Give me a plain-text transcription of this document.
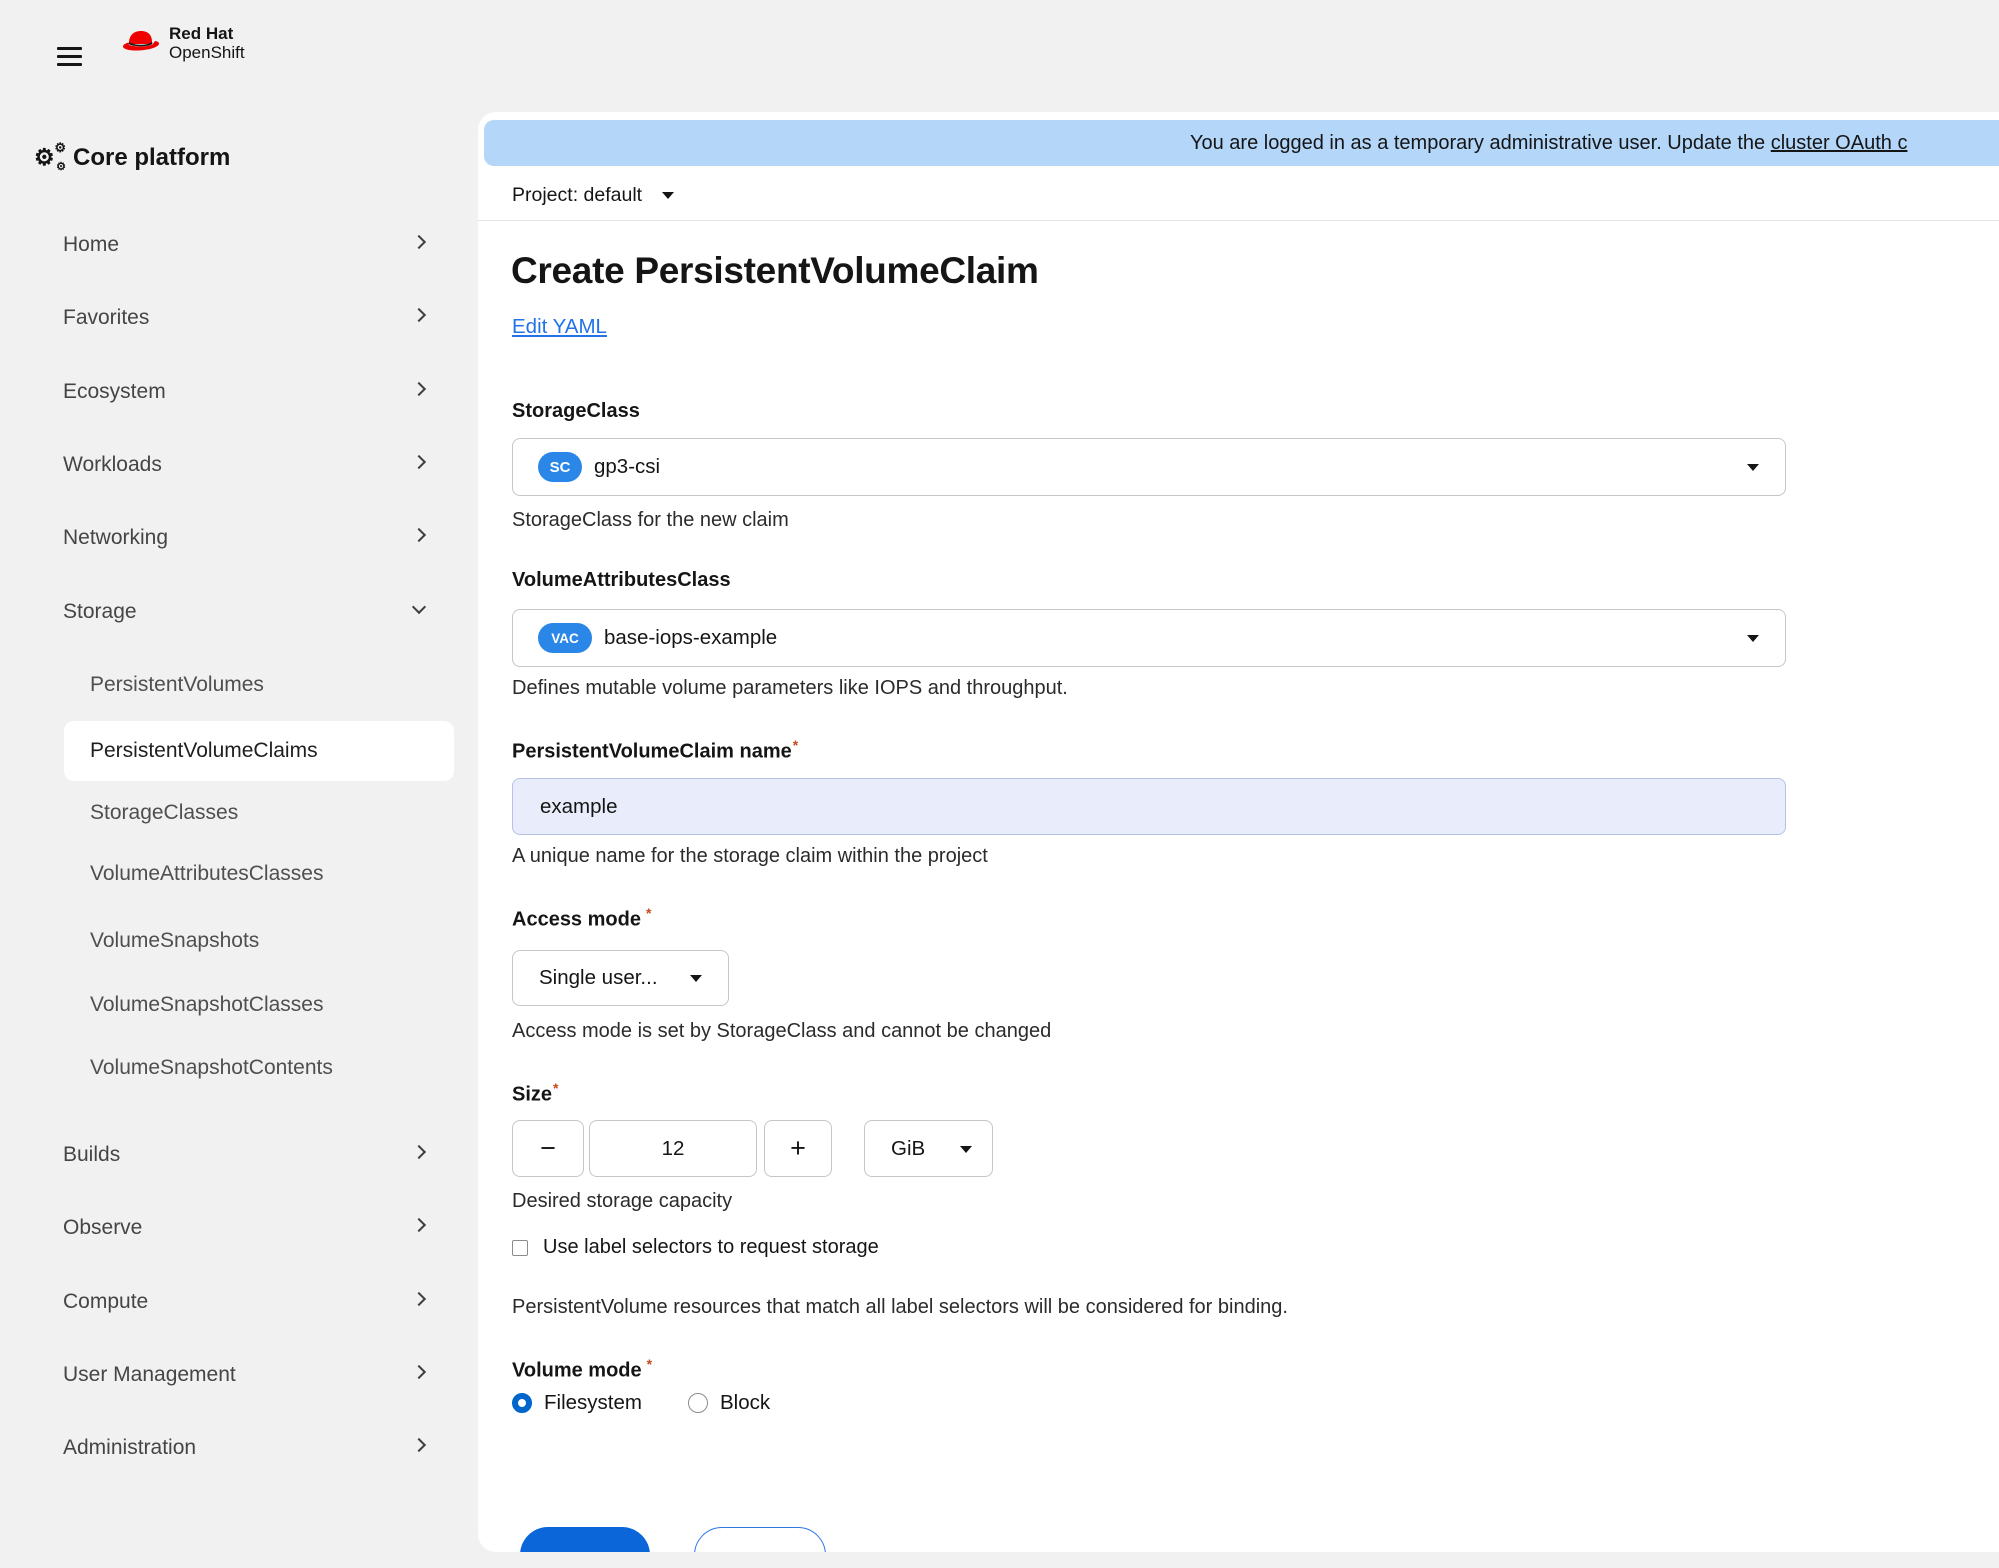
Red Hat
OpenShift
⚙ ⚙
⚙ Core platform
Home
Favorites
Ecosystem
Workloads
Networking
Storage
PersistentVolumes
PersistentVolumeClaims
StorageClasses
VolumeAttributesClasses
VolumeSnapshots
VolumeSnapshotClasses
VolumeSnapshotContents
Builds
Observe
Compute
User Management
Administration
You are logged in as a temporary administrative user. Update the cluster OAuth c
Project: default
Create PersistentVolumeClaim
Edit YAML
StorageClass
SC	gp3-csi
StorageClass for the new claim
VolumeAttributesClass
VAC	base-iops-example
Defines mutable volume parameters like IOPS and throughput.
PersistentVolumeClaim name*
example
A unique name for the storage claim within the project
Access mode *
Single user...
Access mode is set by StorageClass and cannot be changed
Size*
−
12	+	GiB
Desired storage capacity
Use label selectors to request storage
PersistentVolume resources that match all label selectors will be considered for binding.
Volume mode *
Filesystem	Block
